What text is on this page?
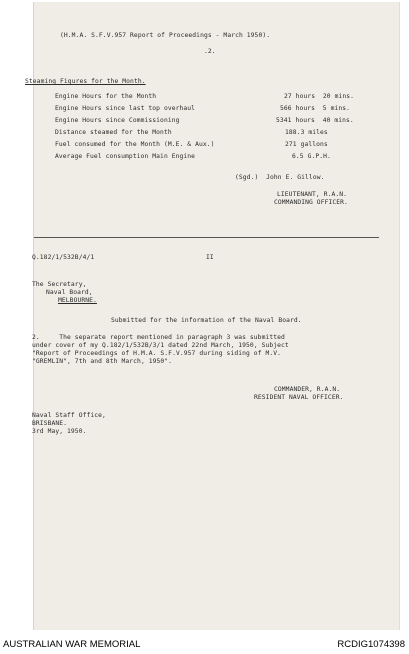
(H.M.A. S.F.V.957 Report of Proceedings - March 1950).
.2.
Steaming Figures for the Month.
Engine Hours for the Month	27 hours  20 mins.
Engine Hours since last top overhaul	566 hours  5 mins.
Engine Hours since Commissioning	5341 hours  40 mins.
Distance steamed for the Month	188.3 miles
Fuel consumed for the Month (M.E. & Aux.)	271 gallons
Average Fuel consumption Main Engine	6.5 G.P.H.
(Sgd.)  John E. Gillow.
LIEUTENANT, R.A.N.
COMMANDING OFFICER.
Q.182/1/532B/4/1	II
The Secretary,
Naval Board,
MELBOURNE.
Submitted for the information of the Naval Board.
2.     The separate report mentioned in paragraph 3 was submitted
under cover of my Q.182/1/532B/3/1 dated 22nd March, 1950, Subject
"Report of Proceedings of H.M.A. S.F.V.957 during siding of M.V.
"GREMLIN", 7th and 8th March, 1950".
Naval Staff Office,
BRISBANE.
3rd May, 1950.
COMMANDER, R.A.N.
RESIDENT NAVAL OFFICER.
AUSTRALIAN WAR MEMORIAL	RCDIG1074398
